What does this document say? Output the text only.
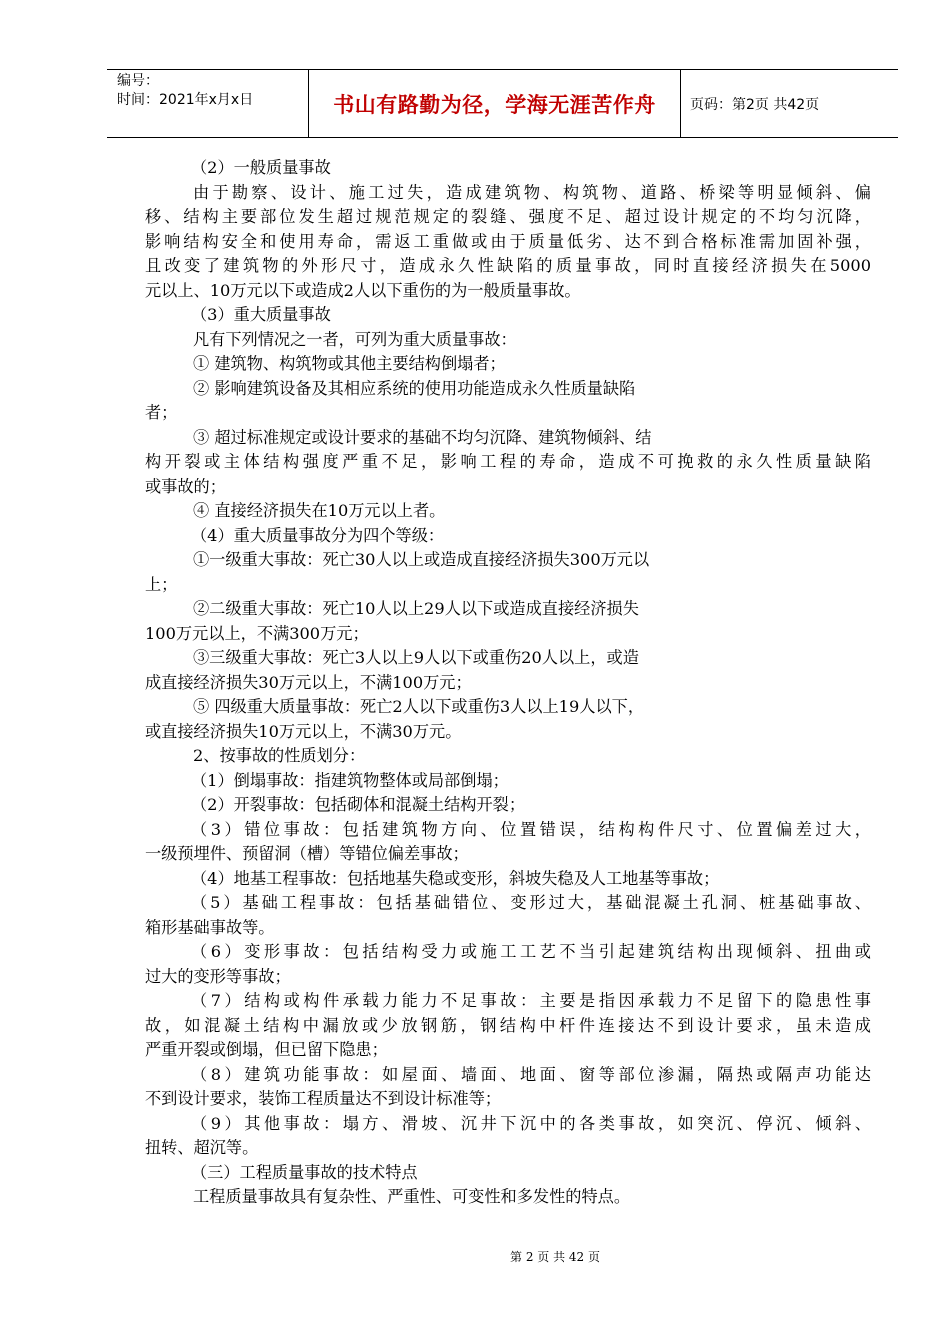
编号：
时间：2021年x月x日	书山有路勤为径，学海无涯苦作舟	页码：第2页 共42页

（2）一般质量事故

由于勘察、设计、施工过失，造成建筑物、构筑物、道路、桥梁等明显倾斜、偏

移、结构主要部位发生超过规范规定的裂缝、强度不足、超过设计规定的不均匀沉降，

影响结构安全和使用寿命，需返工重做或由于质量低劣、达不到合格标准需加固补强，

且改变了建筑物的外形尺寸，造成永久性缺陷的质量事故，同时直接经济损失在5000

元以上、10万元以下或造成2人以下重伤的为一般质量事故。

（3）重大质量事故

凡有下列情况之一者，可列为重大质量事故：

① 建筑物、构筑物或其他主要结构倒塌者；

② 影响建筑设备及其相应系统的使用功能造成永久性质量缺陷

者；

③ 超过标准规定或设计要求的基础不均匀沉降、建筑物倾斜、结

构开裂或主体结构强度严重不足，影响工程的寿命，造成不可挽救的永久性质量缺陷

或事故的；

④ 直接经济损失在10万元以上者。

（4）重大质量事故分为四个等级：

①一级重大事故：死亡30人以上或造成直接经济损失300万元以

上；

②二级重大事故：死亡10人以上29人以下或造成直接经济损失

100万元以上，不满300万元；

③三级重大事故：死亡3人以上9人以下或重伤20人以上，或造

成直接经济损失30万元以上，不满100万元；

⑤ 四级重大质量事故：死亡2人以下或重伤3人以上19人以下，

或直接经济损失10万元以上，不满30万元。

2、按事故的性质划分：

（1）倒塌事故：指建筑物整体或局部倒塌；

（2）开裂事故：包括砌体和混凝土结构开裂；

（3）错位事故：包括建筑物方向、位置错误，结构构件尺寸、位置偏差过大，

一级预埋件、预留洞（槽）等错位偏差事故；

（4）地基工程事故：包括地基失稳或变形，斜坡失稳及人工地基等事故；

（5）基础工程事故：包括基础错位、变形过大，基础混凝土孔洞、桩基础事故、

箱形基础事故等。

（6）变形事故：包括结构受力或施工工艺不当引起建筑结构出现倾斜、扭曲或

过大的变形等事故；

（7）结构或构件承载力能力不足事故：主要是指因承载力不足留下的隐患性事

故，如混凝土结构中漏放或少放钢筋，钢结构中杆件连接达不到设计要求，虽未造成

严重开裂或倒塌，但已留下隐患；

（8）建筑功能事故：如屋面、墙面、地面、窗等部位渗漏，隔热或隔声功能达

不到设计要求，装饰工程质量达不到设计标准等；

（9）其他事故：塌方、滑坡、沉井下沉中的各类事故，如突沉、停沉、倾斜、

扭转、超沉等。

（三）工程质量事故的技术特点

工程质量事故具有复杂性、严重性、可变性和多发性的特点。

第 2 页 共 42 页
